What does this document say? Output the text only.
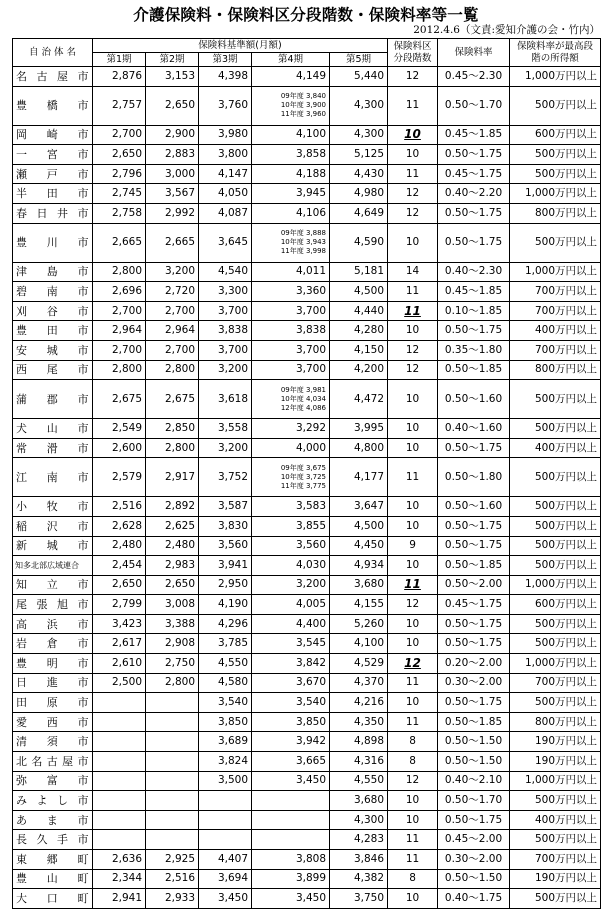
介護保険料・保険料区分段階数・保険料率等一覧
2012.4.6（文責:愛知介護の会・竹内）
自 治 体 名	保険料基準額(月額)					保険料区分段階数	保険料率	保険料率が最高段階の所得額
	第1期	第2期	第3期	第4期	第5期			
名古屋市	2,876	3,153	4,398	4,149	5,440	12	0.45～2.30	1,000万円以上
豊橋市	2,757	2,650	3,760	09年度 3,840
10年度 3,900
11年度 3,960	4,300	11	0.50～1.70	500万円以上
岡崎市	2,700	2,900	3,980	4,100	4,300	10	0.45～1.85	600万円以上
一宮市	2,650	2,883	3,800	3,858	5,125	10	0.50～1.75	500万円以上
瀬戸市	2,796	3,000	4,147	4,188	4,430	11	0.45～1.75	500万円以上
半田市	2,745	3,567	4,050	3,945	4,980	12	0.40～2.20	1,000万円以上
春日井市	2,758	2,992	4,087	4,106	4,649	12	0.50～1.75	800万円以上
豊川市	2,665	2,665	3,645	09年度 3,888
10年度 3,943
11年度 3,998	4,590	10	0.50～1.75	500万円以上
津島市	2,800	3,200	4,540	4,011	5,181	14	0.40～2.30	1,000万円以上
碧南市	2,696	2,720	3,300	3,360	4,500	11	0.45～1.85	700万円以上
刈谷市	2,700	2,700	3,700	3,700	4,440	11	0.10～1.85	700万円以上
豊田市	2,964	2,964	3,838	3,838	4,280	10	0.50～1.75	400万円以上
安城市	2,700	2,700	3,700	3,700	4,150	12	0.35～1.80	700万円以上
西尾市	2,800	2,800	3,200	3,700	4,200	12	0.50～1.85	800万円以上
蒲郡市	2,675	2,675	3,618	09年度 3,981
10年度 4,034
12年度 4,086	4,472	10	0.50～1.60	500万円以上
犬山市	2,549	2,850	3,558	3,292	3,995	10	0.40～1.60	500万円以上
常滑市	2,600	2,800	3,200	4,000	4,800	10	0.50～1.75	400万円以上
江南市	2,579	2,917	3,752	09年度 3,675
10年度 3,725
11年度 3,775	4,177	11	0.50～1.80	500万円以上
小牧市	2,516	2,892	3,587	3,583	3,647	10	0.50～1.60	500万円以上
稲沢市	2,628	2,625	3,830	3,855	4,500	10	0.50～1.75	500万円以上
新城市	2,480	2,480	3,560	3,560	4,450	9	0.50～1.75	500万円以上
知多北部広域連合	2,454	2,983	3,941	4,030	4,934	10	0.50～1.85	500万円以上
知立市	2,650	2,650	2,950	3,200	3,680	11	0.50～2.00	1,000万円以上
尾張旭市	2,799	3,008	4,190	4,005	4,155	12	0.45～1.75	600万円以上
高浜市	3,423	3,388	4,296	4,400	5,260	10	0.50～1.75	500万円以上
岩倉市	2,617	2,908	3,785	3,545	4,100	10	0.50～1.75	500万円以上
豊明市	2,610	2,750	4,550	3,842	4,529	12	0.20～2.00	1,000万円以上
日進市	2,500	2,800	4,580	3,670	4,370	11	0.30～2.00	700万円以上
田原市			3,540	3,540	4,216	10	0.50～1.75	500万円以上
愛西市			3,850	3,850	4,350	11	0.50～1.85	800万円以上
清須市			3,689	3,942	4,898	8	0.50～1.50	190万円以上
北名古屋市			3,824	3,665	4,316	8	0.50～1.50	190万円以上
弥富市			3,500	3,450	4,550	12	0.40～2.10	1,000万円以上
みよし市					3,680	10	0.50～1.70	500万円以上
あま市					4,300	10	0.50～1.75	400万円以上
長久手市					4,283	11	0.45～2.00	500万円以上
東郷町	2,636	2,925	4,407	3,808	3,846	11	0.30～2.00	700万円以上
豊山町	2,344	2,516	3,694	3,899	4,382	8	0.50～1.50	190万円以上
大口町	2,941	2,933	3,450	3,450	3,750	10	0.40～1.75	500万円以上
